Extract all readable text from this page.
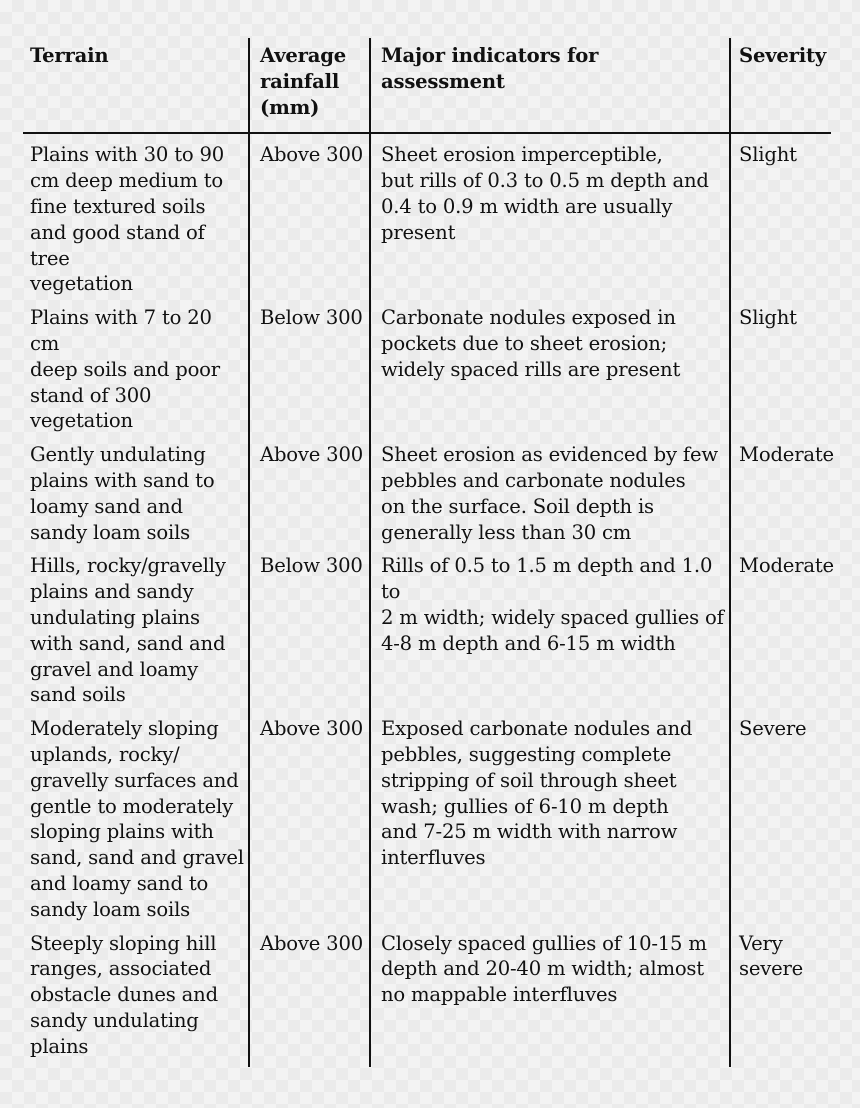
Terrain	Average
rainfall
(mm)
Major indicators for assessment
Severity
Plains with 30 to 90
cm deep medium to
fine textured soils
and good stand of tree
vegetation
Above 300 Sheet erosion imperceptible,
but rills of 0.3 to 0.5 m depth and
0.4 to 0.9 m width are usually
present
Slight
Plains with 7 to 20 cm
deep soils and poor
stand of 300
vegetation
Below 300 Carbonate nodules exposed in
pockets due to sheet erosion;
widely spaced rills are present
Slight
Gently undulating
plains with sand to
loamy sand and
sandy loam soils
Above 300 Sheet erosion as evidenced by few
pebbles and carbonate nodules
on the surface. Soil depth is
generally less than 30 cm
Moderate
Hills, rocky/gravelly
plains and sandy
undulating plains
with sand, sand and
gravel and loamy
sand soils
Below 300 Rills of 0.5 to 1.5 m depth and 1.0 to
2 m width; widely spaced gullies of
4-8 m depth and 6-15 m width
Moderate
Moderately sloping
uplands, rocky/
gravelly surfaces and
gentle to moderately
sloping plains with
sand, sand and gravel
and loamy sand to
sandy loam soils
Above 300 Exposed carbonate nodules and
pebbles, suggesting complete
stripping of soil through sheet
wash; gullies of 6-10 m depth
and 7-25 m width with narrow
interfluves
Severe
Steeply sloping hill
ranges, associated
obstacle dunes and
sandy undulating
plains
Above 300 Closely spaced gullies of 10-15 m
depth and 20-40 m width; almost
no mappable interfluves
Very
severe
